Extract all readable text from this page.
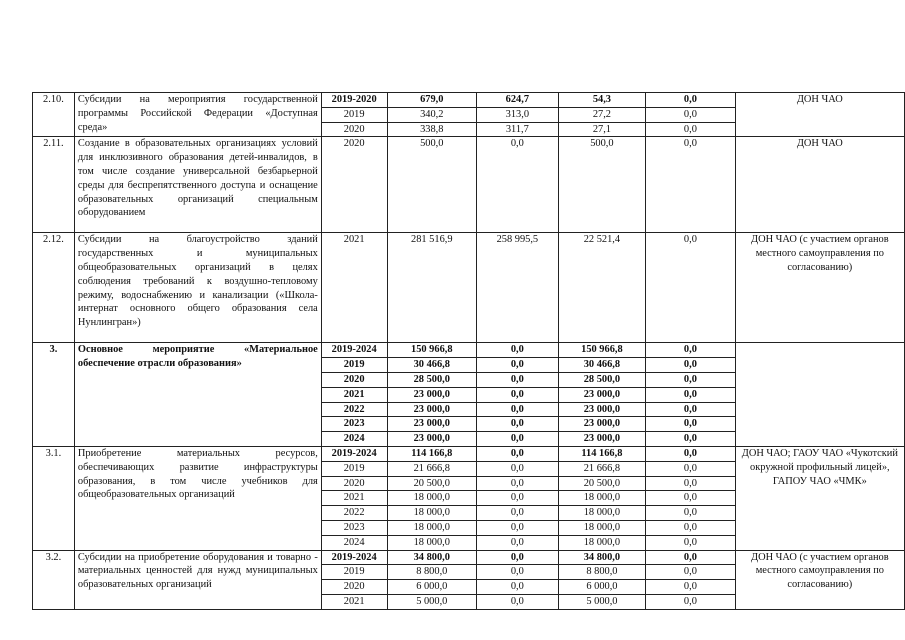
2.10.	Субсидии на мероприятия государственной программы Российской Федерации «Доступная среда»	2019-2020	679,0	624,7	54,3	0,0	ДОН ЧАО
		2019	340,2	313,0	27,2	0,0	
		2020	338,8	311,7	27,1	0,0	
2.11.	Создание в образовательных организациях условий для инклюзивного образования детей-инвалидов, в том числе создание универсальной безбарьерной среды для беспрепятственного доступа и оснащение образовательных организаций специальным оборудованием	2020	500,0	0,0	500,0	0,0	ДОН ЧАО
2.12.	Субсидии на благоустройство зданий государственных и муниципальных общеобразовательных организаций в целях соблюдения требований к воздушно-тепловому режиму, водоснабжению и канализации («Школа-интернат основного общего образования села Нунлингран»)	2021	281 516,9	258 995,5	22 521,4	0,0	ДОН ЧАО (с участием органов местного самоуправления по согласованию)
3.	Основное мероприятие «Материальное обеспечение отрасли образования»	2019-2024	150 966,8	0,0	150 966,8	0,0	
		2019	30 466,8	0,0	30 466,8	0,0	
		2020	28 500,0	0,0	28 500,0	0,0	
		2021	23 000,0	0,0	23 000,0	0,0	
		2022	23 000,0	0,0	23 000,0	0,0	
		2023	23 000,0	0,0	23 000,0	0,0	
		2024	23 000,0	0,0	23 000,0	0,0	
3.1.	Приобретение материальных ресурсов, обеспечивающих развитие инфраструктуры образования, в том числе учебников для общеобразовательных организаций	2019-2024	114 166,8	0,0	114 166,8	0,0	ДОН ЧАО; ГАОУ ЧАО «Чукотский окружной профильный лицей», ГАПОУ ЧАО «ЧМК»
		2019	21 666,8	0,0	21 666,8	0,0	
		2020	20 500,0	0,0	20 500,0	0,0	
		2021	18 000,0	0,0	18 000,0	0,0	
		2022	18 000,0	0,0	18 000,0	0,0	
		2023	18 000,0	0,0	18 000,0	0,0	
		2024	18 000,0	0,0	18 000,0	0,0	
3.2.	Субсидии на приобретение оборудования и товарно - материальных ценностей для нужд муниципальных образовательных организаций	2019-2024	34 800,0	0,0	34 800,0	0,0	ДОН ЧАО (с участием органов местного самоуправления по согласованию)
		2019	8 800,0	0,0	8 800,0	0,0	
		2020	6 000,0	0,0	6 000,0	0,0	
		2021	5 000,0	0,0	5 000,0	0,0	
